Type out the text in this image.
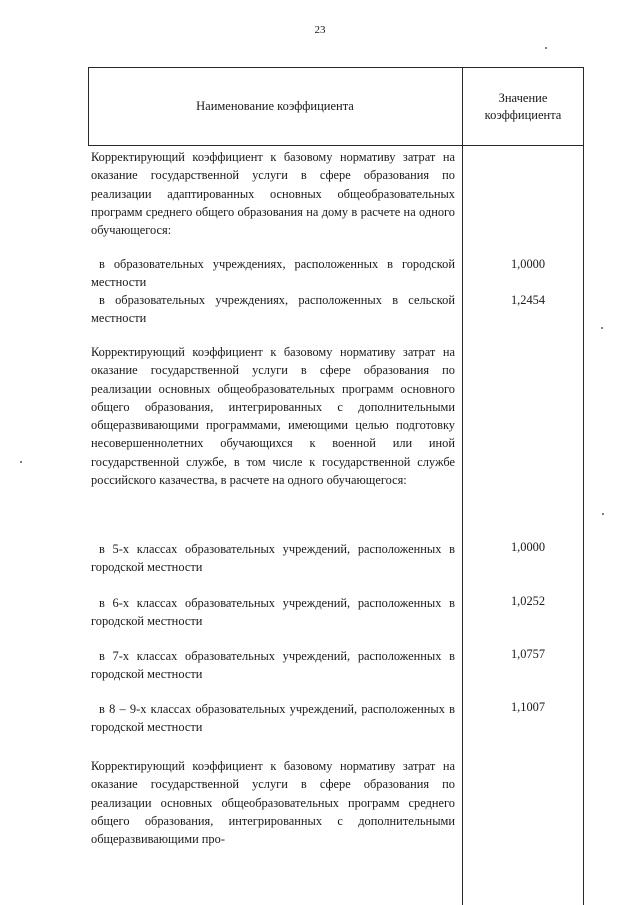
23
Наименование коэффициента
Значение коэффициента
Корректирующий коэффициент к базовому нормативу затрат на оказание государственной услуги в сфере образования по реализации адаптированных основных общеобразовательных программ среднего общего образования на дому в расчете на одного обучающегося:
в образовательных учреждениях, расположенных в городской местности
1,0000
в образовательных учреждениях, расположенных в сельской местности
1,2454
Корректирующий коэффициент к базовому нормативу затрат на оказание государственной услуги в сфере образования по реализации основных общеобразовательных программ основного общего образования, интегрированных с дополнительными общеразвивающими программами, имеющими целью подготовку несовершеннолетних обучающихся к военной или иной государственной службе, в том числе к государственной службе российского казачества, в расчете на одного обучающегося:
в 5-х классах образовательных учреждений, расположенных в городской местности
1,0000
в 6-х классах образовательных учреждений, расположенных в городской местности
1,0252
в 7-х классах образовательных учреждений, расположенных в городской местности
1,0757
в 8 – 9-х классах образовательных учреждений, расположенных в городской местности
1,1007
Корректирующий коэффициент к базовому нормативу затрат на оказание государственной услуги в сфере образования по реализации основных общеобразовательных программ среднего общего образования, интегрированных с дополнительными общеразвивающими про-
